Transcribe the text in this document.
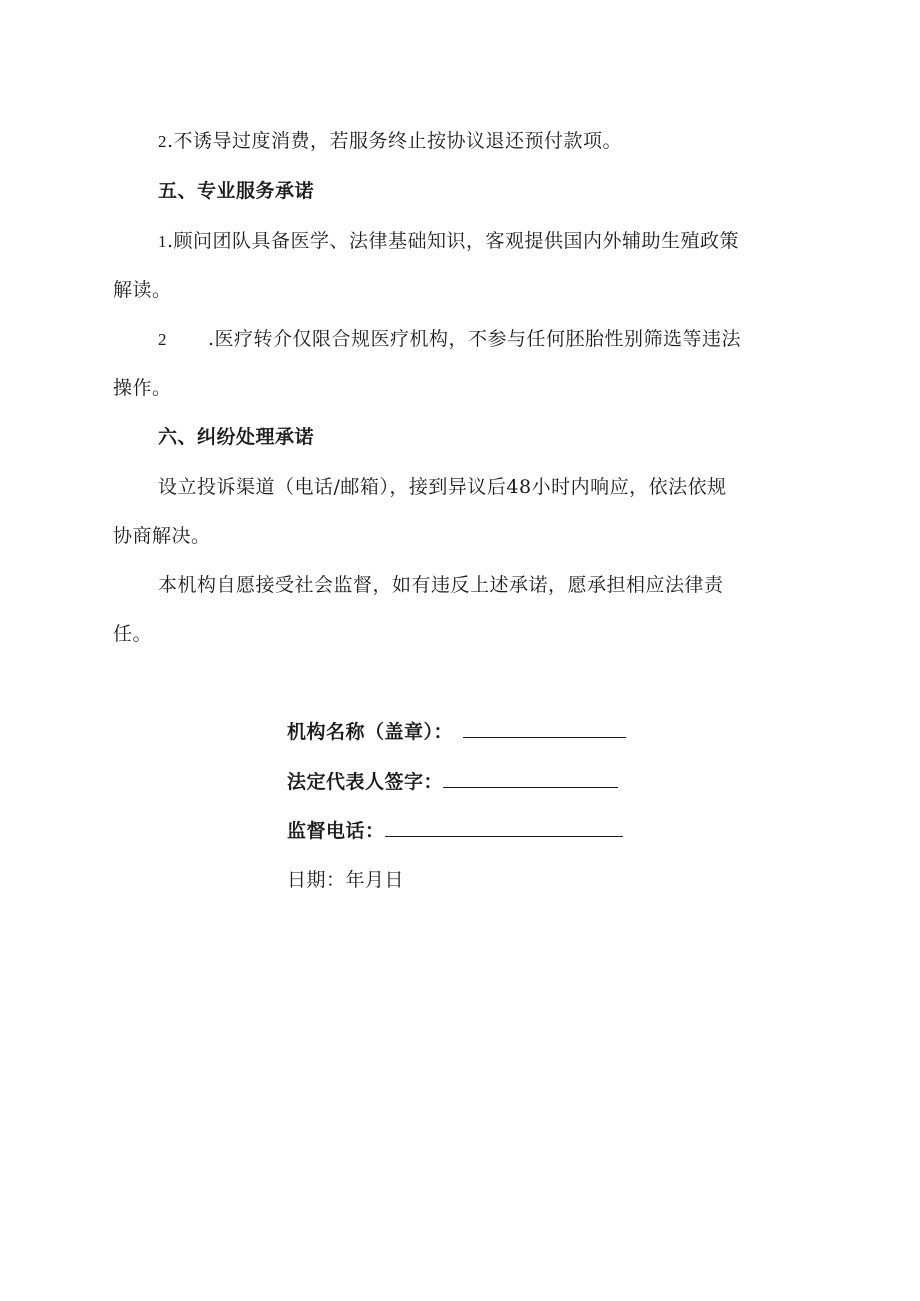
2.不诱导过度消费，若服务终止按协议退还预付款项。
五、专业服务承诺
1.顾问团队具备医学、法律基础知识，客观提供国内外辅助生殖政策
解读。
2 .医疗转介仅限合规医疗机构，不参与任何胚胎性别筛选等违法
操作。
六、纠纷处理承诺
设立投诉渠道（电话/邮箱），接到异议后48小时内响应，依法依规
协商解决。
本机构自愿接受社会监督，如有违反上述承诺，愿承担相应法律责
任。
机构名称（盖章）：
法定代表人签字：
监督电话：
日期：年月日
